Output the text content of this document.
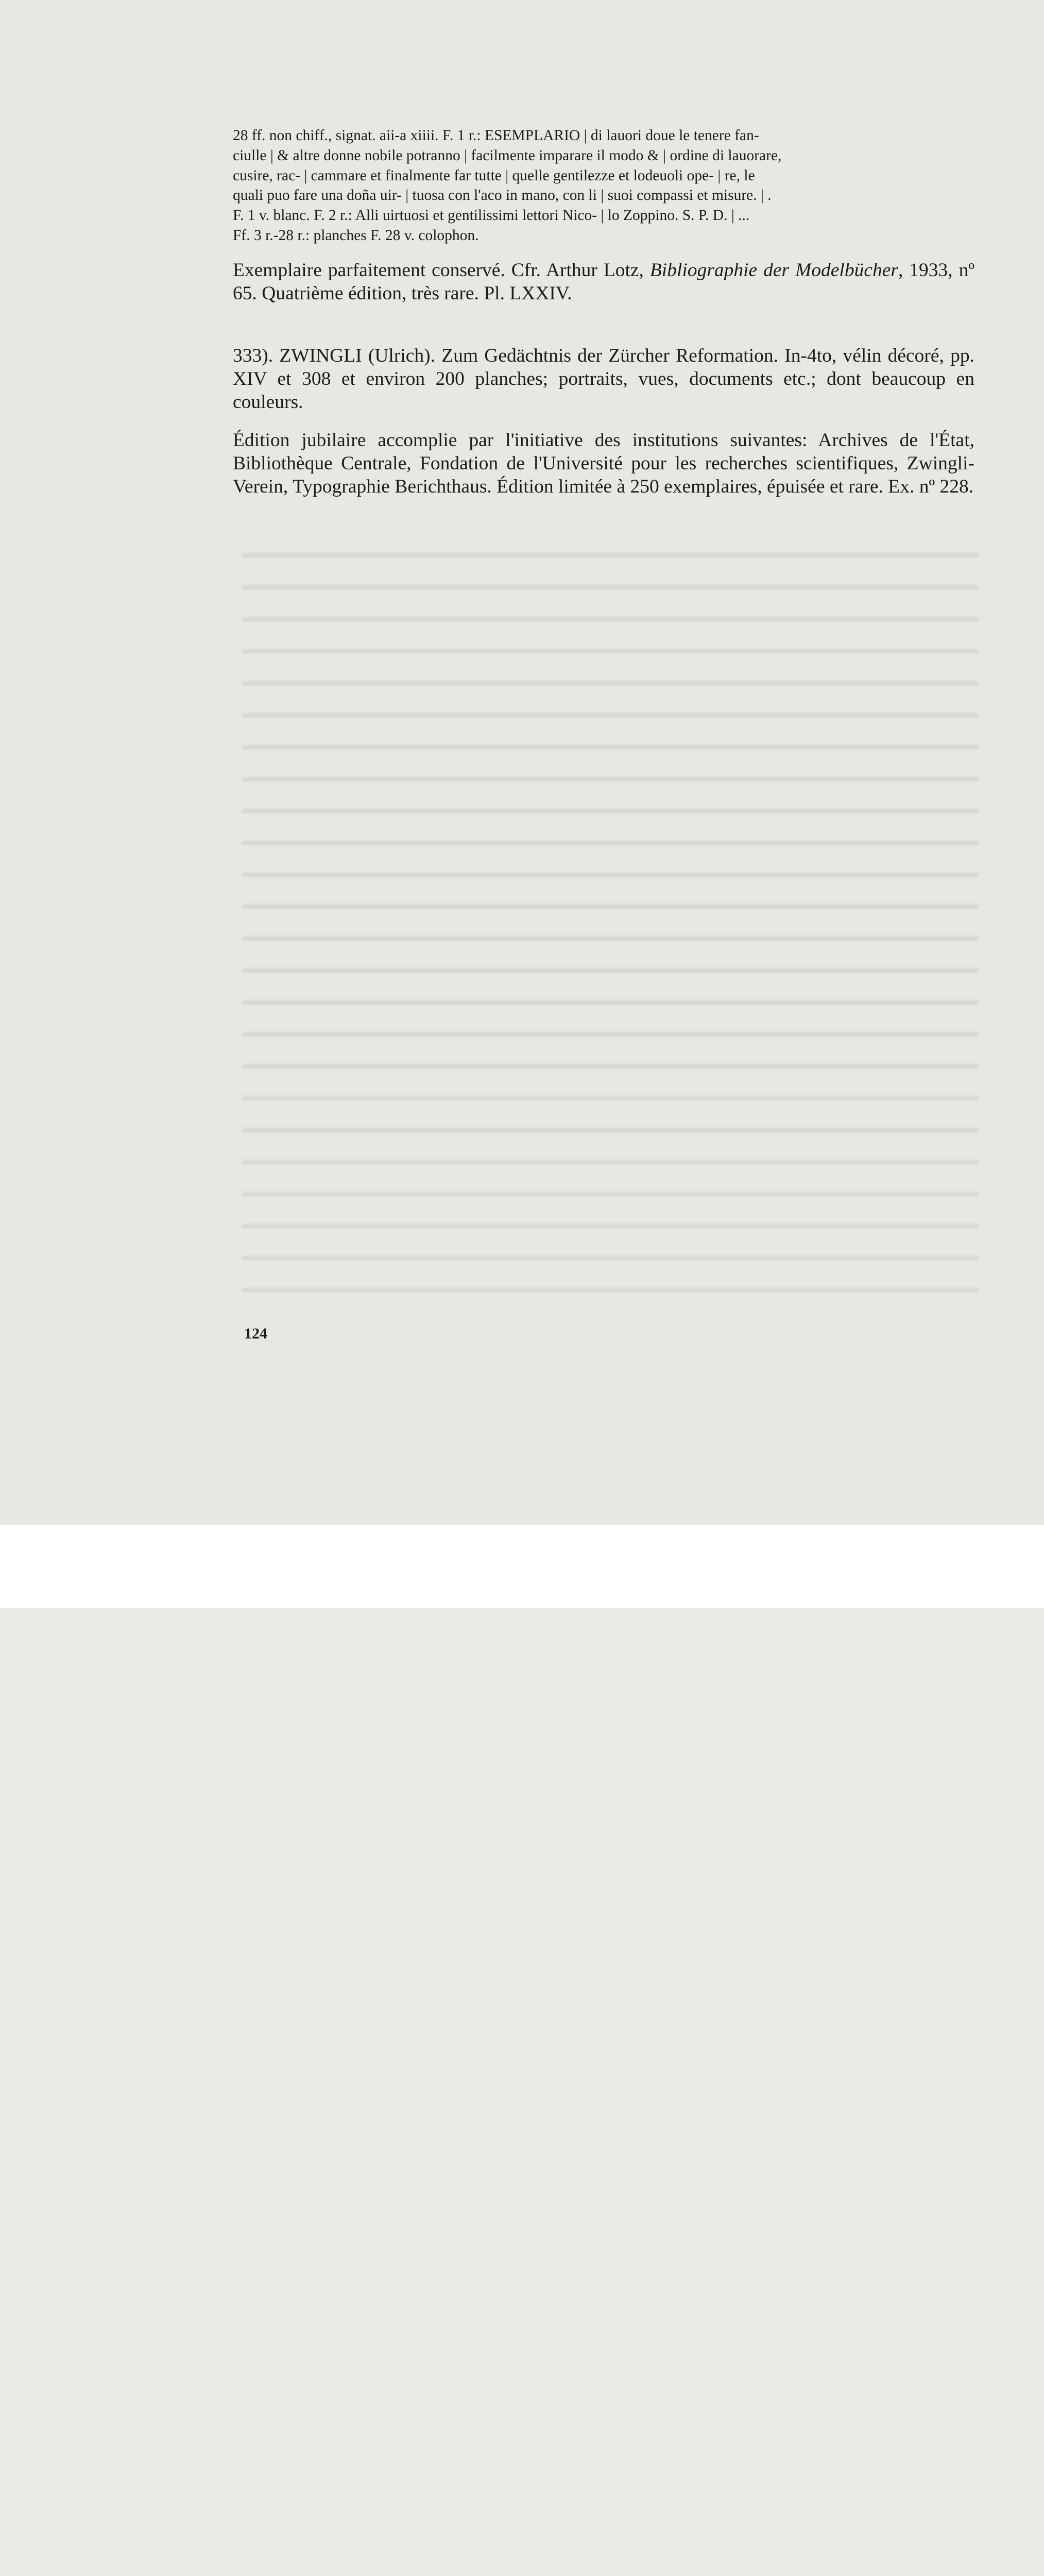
28 ff. non chiff., signat. aii-a xiiii. F. 1 r.: ESEMPLARIO | di lauori doue le tenere fan-

ciulle | & altre donne nobile potranno | facilmente imparare il modo & | ordine di lauorare,

cusire, rac- | cammare et finalmente far tutte | quelle gentilezze et lodeuoli ope- | re, le

quali puo fare una doña uir- | tuosa con l'aco in mano, con li | suoi compassi et misure. | .

F. 1 v. blanc. F. 2 r.: Alli uirtuosi et gentilissimi lettori Nico- | lo Zoppino. S. P. D. | ...

Ff. 3 r.-28 r.: planches F. 28 v. colophon.

Exemplaire parfaitement conservé. Cfr. Arthur Lotz, Bibliographie der Modelbücher, 1933, nº 65. Quatrième édition, très rare. Pl. LXXIV.

333). ZWINGLI (Ulrich). Zum Gedächtnis der Zürcher Reformation. In-4to, vélin décoré, pp. XIV et 308 et environ 200 planches; portraits, vues, documents etc.; dont beaucoup en couleurs.

Édition jubilaire accomplie par l'initiative des institutions suivantes: Archives de l'État, Bibliothèque Centrale, Fondation de l'Université pour les recherches scientifiques, Zwingli-Verein, Typographie Berichthaus. Édition limitée à 250 exemplaires, épuisée et rare. Ex. nº 228.

124
